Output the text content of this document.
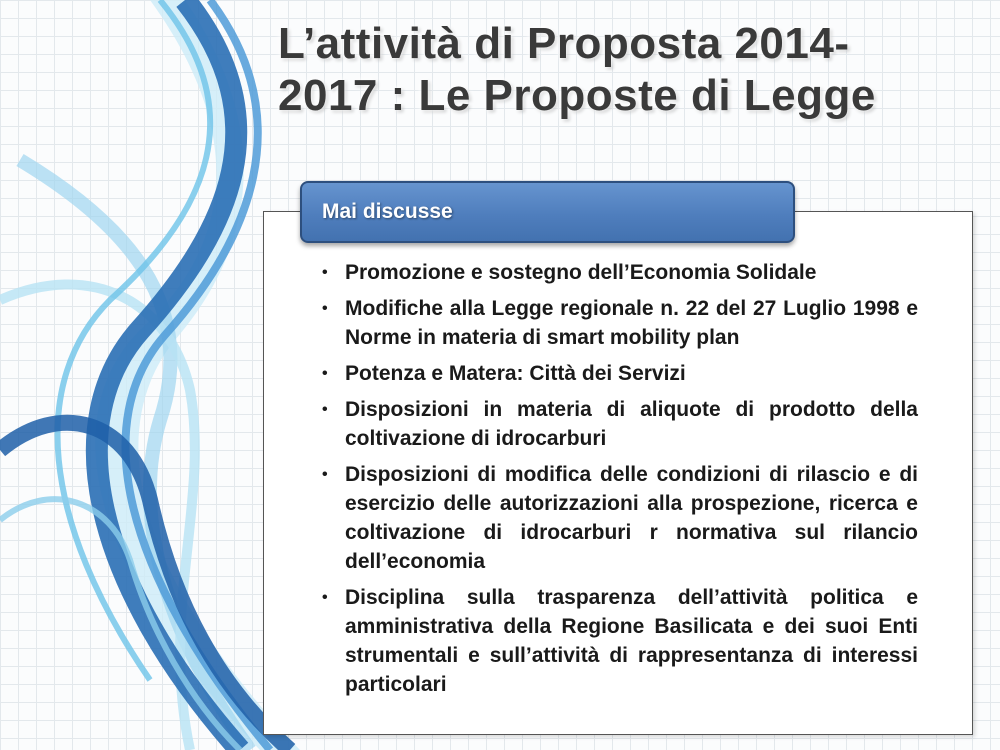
L’attività di Proposta 2014-
2017 : Le Proposte di Legge
Mai discusse
• Promozione e sostegno dell’Economia Solidale
• Modifiche alla Legge regionale n. 22 del 27 Luglio 1998 e Norme in materia di smart mobility plan
• Potenza e Matera: Città dei Servizi
• Disposizioni in materia di aliquote di prodotto della coltivazione di idrocarburi
• Disposizioni di modifica delle condizioni di rilascio e di esercizio delle autorizzazioni alla prospezione, ricerca e coltivazione di idrocarburi r normativa sul rilancio dell’economia
• Disciplina sulla trasparenza dell’attività politica e amministrativa della Regione Basilicata e dei suoi Enti strumentali e sull’attività di rappresentanza di interessi particolari
